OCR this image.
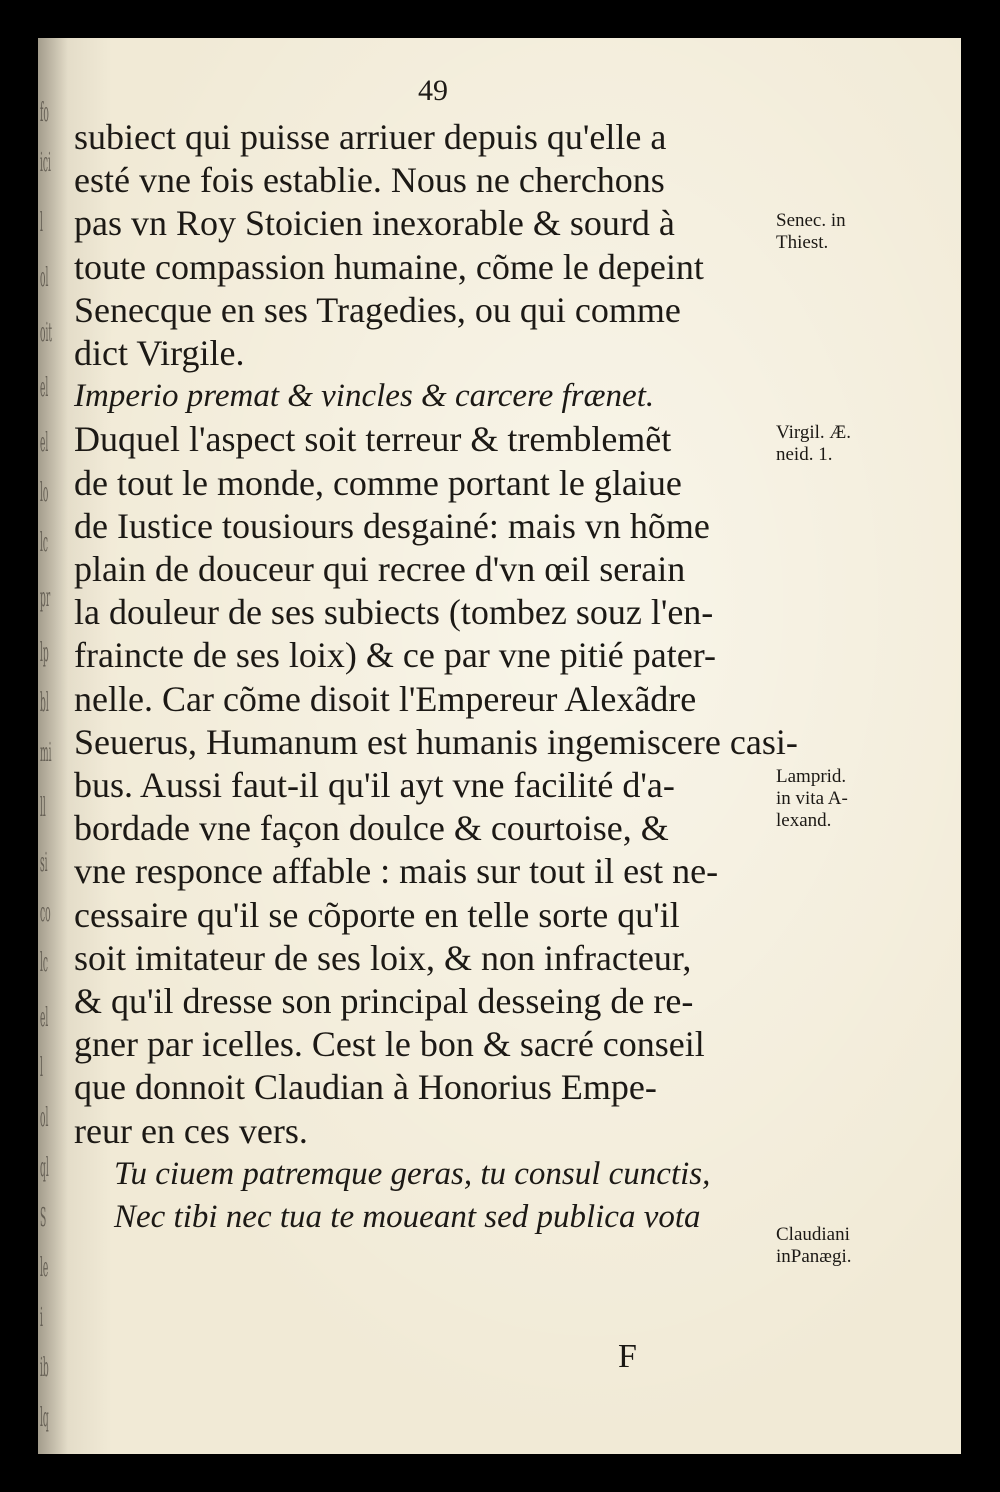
fo
ici
l
ol
oit
el
el
lo
lc
pr
lp
bl
mi
ll
si
co
lc
el
l
ol
ql
S
le
i
ib
lq
49
subiect qui puisse arriuer depuis qu'elle a
esté vne fois establie. Nous ne cherchons
pas vn Roy Stoicien inexorable & sourd à
toute compassion humaine, cõme le depeint
Senecque en ses Tragedies, ou qui comme
dict Virgile.
Imperio premat & vincles & carcere frænet.
Duquel l'aspect soit terreur & tremblemẽt
de tout le monde, comme portant le glaiue
de Iustice tousiours desgainé: mais vn hõme
plain de douceur qui recree d'vn œil serain
la douleur de ses subiects (tombez souz l'en-
fraincte de ses loix) & ce par vne pitié pater-
nelle. Car cõme disoit l'Empereur Alexãdre
Seuerus, Humanum est humanis ingemiscere casi-
bus. Aussi faut-il qu'il ayt vne facilité d'a-
bordade vne façon doulce & courtoise, &
vne responce affable : mais sur tout il est ne-
cessaire qu'il se cõporte en telle sorte qu'il
soit imitateur de ses loix, & non infracteur,
& qu'il dresse son principal desseing de re-
gner par icelles. Cest le bon & sacré conseil
que donnoit Claudian à Honorius Empe-
reur en ces vers.
Tu ciuem patremque geras, tu consul cunctis,
Nec tibi nec tua te moueant sed publica vota
Senec. in
Thiest.
Virgil. Æ.
neid. 1.
Lamprid.
in vita A-
lexand.
Claudiani
inPanægi.
F
